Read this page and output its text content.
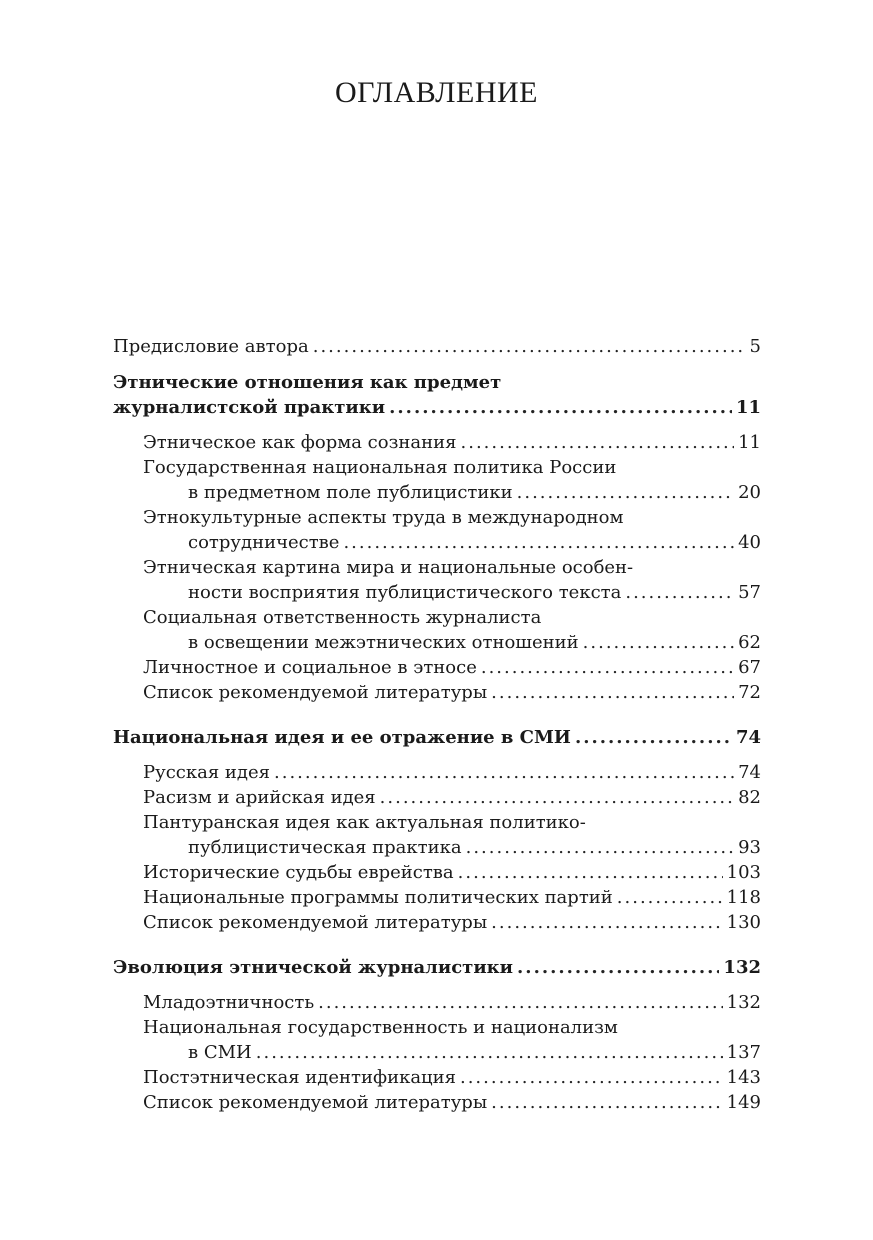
ОГЛАВЛЕНИЕ
Предисловие автора .....	5
Этнические отношения как предмет
журналистской практики .....	11
Этническое как форма сознания .....	11
Государственная национальная политика России
в предметном поле публицистики .....	20
Этнокультурные аспекты труда в международном
сотрудничестве .....	40
Этническая картина мира и национальные особен-
ности восприятия публицистического текста .....	57
Социальная ответственность журналиста
в освещении межэтнических отношений .....	62
Личностное и социальное в этносе .....	67
Список рекомендуемой литературы .....	72
Национальная идея и ее отражение в СМИ .....	74
Русская идея .....	74
Расизм и арийская идея .....	82
Пантуранская идея как актуальная политико-
публицистическая практика .....	93
Исторические судьбы еврейства .....	103
Национальные программы политических партий .....	118
Список рекомендуемой литературы .....	130
Эволюция этнической журналистики .....	132
Младоэтничность .....	132
Национальная государственность и национализм
в СМИ .....	137
Постэтническая идентификация .....	143
Список рекомендуемой литературы .....	149
